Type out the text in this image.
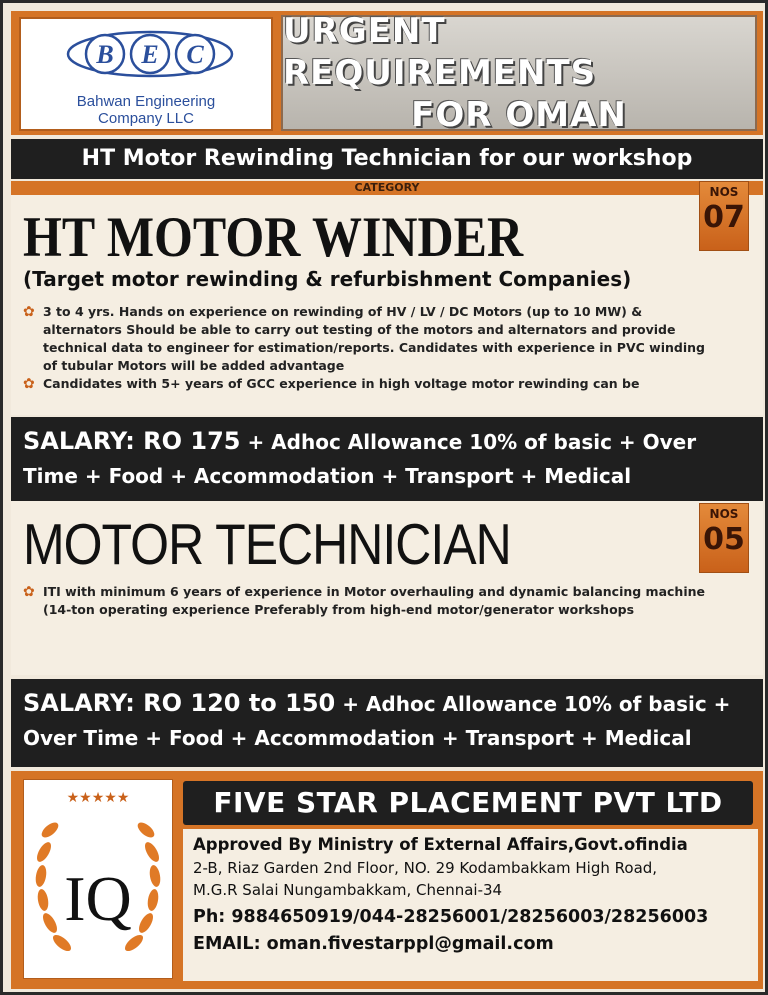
B E C
Bahwan Engineering
Company LLC
URGENT REQUIREMENTS
FOR OMAN
HT Motor Rewinding Technician for our workshop
CATEGORY
HT MOTOR WINDER
NOS
07
(Target motor rewinding & refurbishment Companies)
✿ 3 to 4 yrs. Hands on experience on rewinding of HV / LV / DC Motors (up to 10 MW) & alternators Should be able to carry out testing of the motors and alternators and provide technical data to engineer for estimation/reports. Candidates with experience in PVC winding of tubular Motors will be added advantage
✿ Candidates with 5+ years of GCC experience in high voltage motor rewinding can be
SALARY: RO 175 + Adhoc Allowance 10% of basic + Over Time + Food + Accommodation + Transport + Medical
MOTOR TECHNICIAN	NOS
05
✿ ITI with minimum 6 years of experience in Motor overhauling and dynamic balancing machine (14-ton operating experience Preferably from high-end motor/generator workshops
SALARY: RO 120 to 150 + Adhoc Allowance 10% of basic + Over Time + Food + Accommodation + Transport + Medical
★★★★★
IQ
FIVE STAR PLACEMENT PVT LTD
Approved By Ministry of External Affairs,Govt.ofindia
2-B, Riaz Garden 2nd Floor, NO. 29 Kodambakkam High Road,
M.G.R Salai Nungambakkam, Chennai-34
Ph: 9884650919/044-28256001/28256003/28256003
EMAIL: oman.fivestarppl@gmail.com
